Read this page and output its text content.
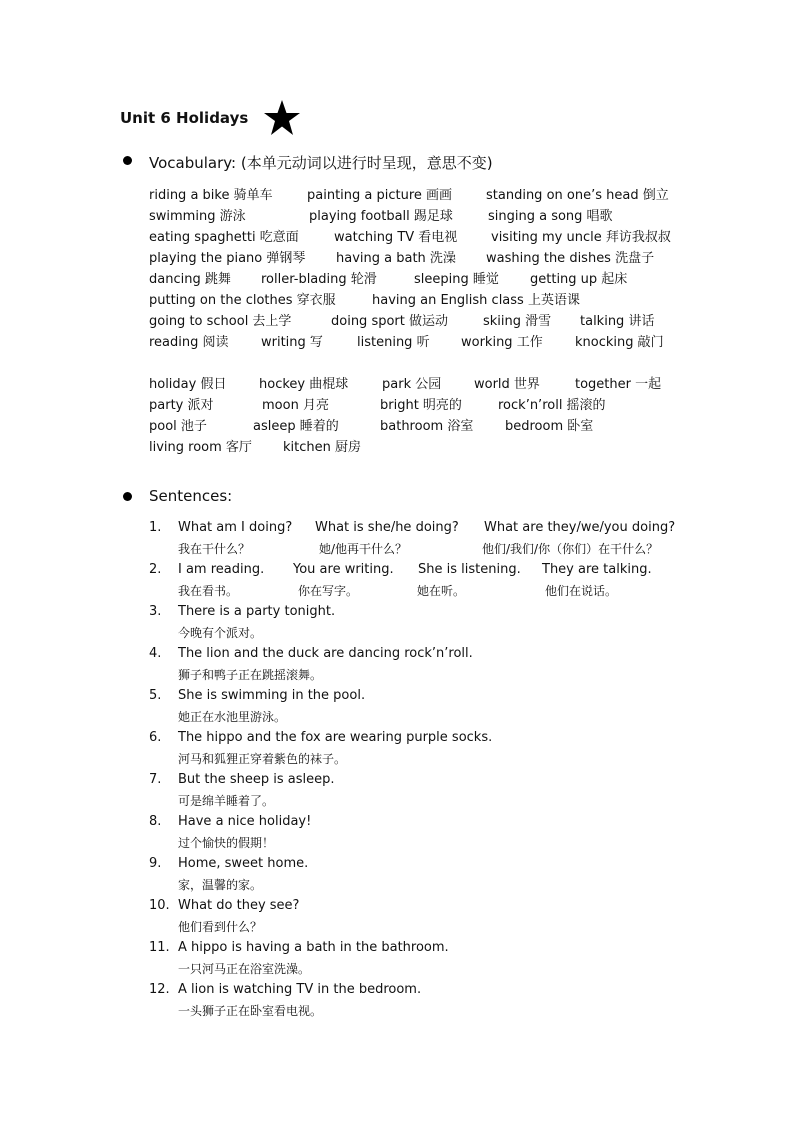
Unit 6 Holidays
Vocabulary: (本单元动词以进行时呈现，意思不变)
riding a bike 骑单车	painting a picture 画画	standing on one’s head 倒立
swimming 游泳	playing football 踢足球	singing a song 唱歌
eating spaghetti 吃意面	watching TV 看电视	visiting my uncle 拜访我叔叔
playing the piano 弹钢琴 having a bath 洗澡 washing the dishes 洗盘子
dancing 跳舞 roller-blading 轮滑	sleeping 睡觉 getting up 起床
putting on the clothes 穿衣服	having an English class 上英语课
going to school 去上学	doing sport 做运动	skiing 滑雪 talking 讲话
reading 阅读 writing 写	listening 听 working 工作 knocking 敲门
holiday 假日	hockey 曲棍球	park 公园	world 世界	together 一起
party 派对	moon 月亮	bright 明亮的	rock’n’roll 摇滚的
pool 池子	asleep 睡着的	bathroom 浴室 bedroom 卧室
living room 客厅 kitchen 厨房
Sentences:
1. What am I doing? What is she/he doing? What are they/we/you doing?
我在干什么？	她/他再干什么？	他们/我们/你（你们）在干什么？
2. I am reading. You are writing. She is listening. They are talking.
我在看书。	你在写字。	她在听。	他们在说话。
3. There is a party tonight.
今晚有个派对。
4. The lion and the duck are dancing rock’n’roll.
狮子和鸭子正在跳摇滚舞。
5. She is swimming in the pool.
她正在水池里游泳。
6. The hippo and the fox are wearing purple socks.
河马和狐狸正穿着紫色的袜子。
7. But the sheep is asleep.
可是绵羊睡着了。
8. Have a nice holiday!
过个愉快的假期！
9. Home, sweet home.
家，温馨的家。
10. What do they see?
他们看到什么？
11. A hippo is having a bath in the bathroom.
一只河马正在浴室洗澡。
12. A lion is watching TV in the bedroom.
一头狮子正在卧室看电视。
